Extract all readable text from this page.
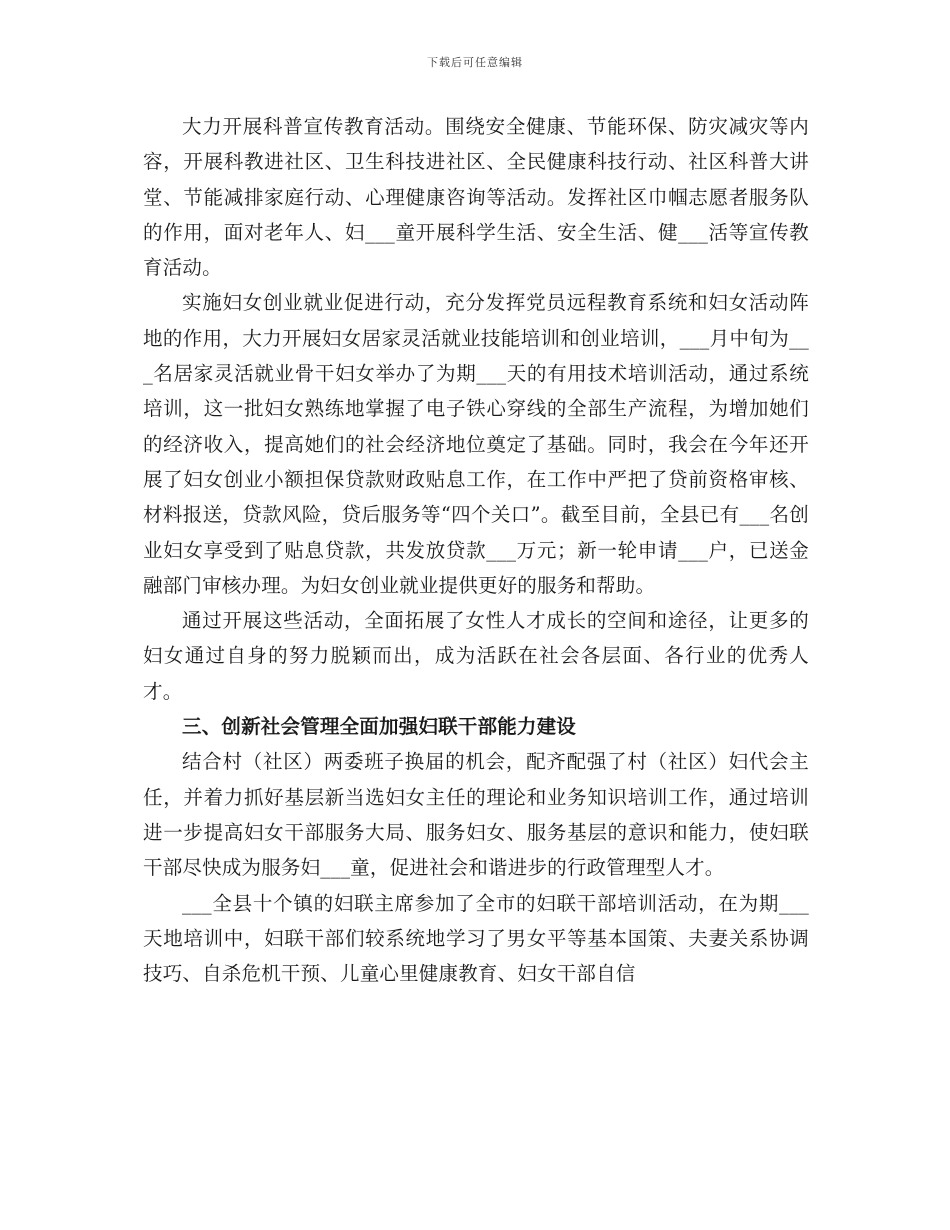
下载后可任意编辑

大力开展科普宣传教育活动。围绕安全健康、节能环保、防灾减灾等内容，开展科教进社区、卫生科技进社区、全民健康科技行动、社区科普大讲堂、节能减排家庭行动、心理健康咨询等活动。发挥社区巾帼志愿者服务队的作用，面对老年人、妇___童开展科学生活、安全生活、健___活等宣传教育活动。

实施妇女创业就业促进行动，充分发挥党员远程教育系统和妇女活动阵地的作用，大力开展妇女居家灵活就业技能培训和创业培训，___月中旬为___名居家灵活就业骨干妇女举办了为期___天的有用技术培训活动，通过系统培训，这一批妇女熟练地掌握了电子铁心穿线的全部生产流程，为增加她们的经济收入，提高她们的社会经济地位奠定了基础。同时，我会在今年还开展了妇女创业小额担保贷款财政贴息工作，在工作中严把了贷前资格审核、材料报送，贷款风险，贷后服务等“四个关口”。截至目前，全县已有___名创业妇女享受到了贴息贷款，共发放贷款___万元；新一轮申请___户，已送金融部门审核办理。为妇女创业就业提供更好的服务和帮助。

通过开展这些活动，全面拓展了女性人才成长的空间和途径，让更多的妇女通过自身的努力脱颖而出，成为活跃在社会各层面、各行业的优秀人才。

三、创新社会管理全面加强妇联干部能力建设

结合村（社区）两委班子换届的机会，配齐配强了村（社区）妇代会主任，并着力抓好基层新当选妇女主任的理论和业务知识培训工作，通过培训进一步提高妇女干部服务大局、服务妇女、服务基层的意识和能力，使妇联干部尽快成为服务妇___童，促进社会和谐进步的行政管理型人才。

___全县十个镇的妇联主席参加了全市的妇联干部培训活动，在为期___天地培训中，妇联干部们较系统地学习了男女平等基本国策、夫妻关系协调技巧、自杀危机干预、儿童心里健康教育、妇女干部自信
